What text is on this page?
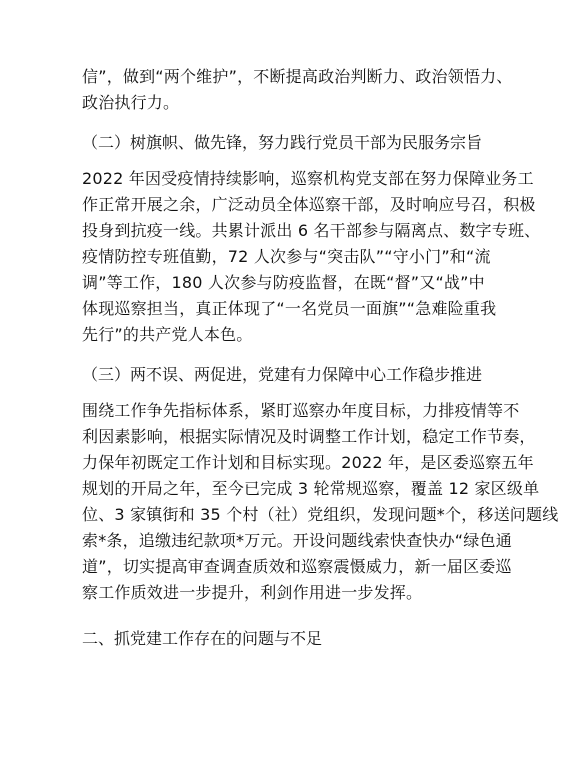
信”，做到“两个维护”，不断提高政治判断力、政治领悟力、
政治执行力。

（二）树旗帜、做先锋，努力践行党员干部为民服务宗旨

2022 年因受疫情持续影响，巡察机构党支部在努力保障业务工
作正常开展之余，广泛动员全体巡察干部，及时响应号召，积极
投身到抗疫一线。共累计派出 6 名干部参与隔离点、数字专班、
疫情防控专班值勤，72 人次参与“突击队”“守小门”和“流
调”等工作，180 人次参与防疫监督，在既“督”又“战”中
体现巡察担当，真正体现了“一名党员一面旗”“急难险重我
先行”的共产党人本色。

（三）两不误、两促进，党建有力保障中心工作稳步推进

围绕工作争先指标体系，紧盯巡察办年度目标，力排疫情等不
利因素影响，根据实际情况及时调整工作计划，稳定工作节奏，
力保年初既定工作计划和目标实现。2022 年，是区委巡察五年
规划的开局之年，至今已完成 3 轮常规巡察，覆盖 12 家区级单
位、3 家镇街和 35 个村（社）党组织，发现问题*个，移送问题线
索*条，追缴违纪款项*万元。开设问题线索快查快办“绿色通
道”，切实提高审查调查质效和巡察震慑威力，新一届区委巡
察工作质效进一步提升，利剑作用进一步发挥。

二、抓党建工作存在的问题与不足
